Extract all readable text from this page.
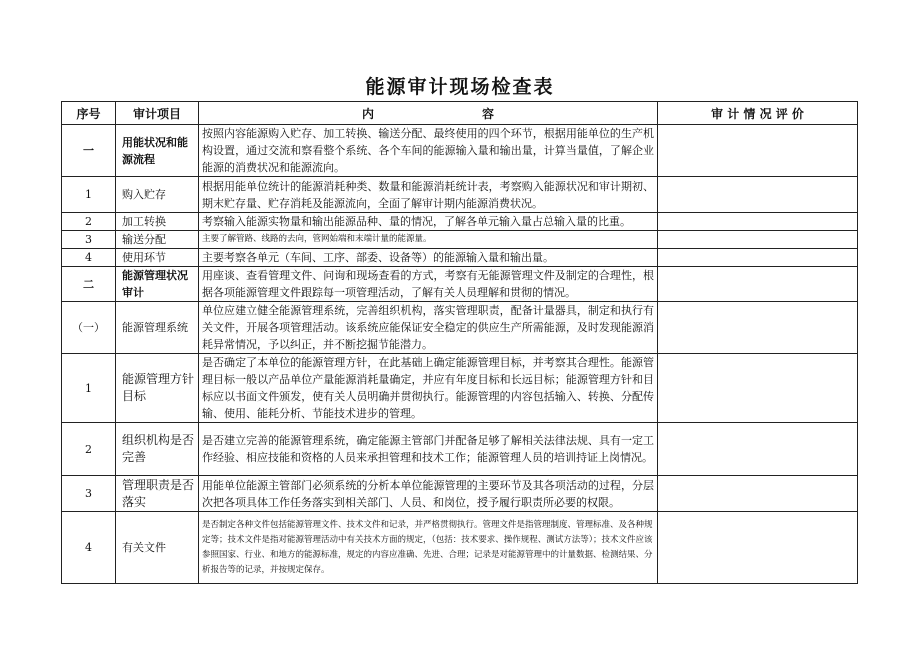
能源审计现场检查表
序号	审计项目	内　　　　　　　　　容	审 计 情 况 评 价
一	用能状况和能源流程	按照内容能源购入贮存、加工转换、输送分配、最终使用的四个环节，根据用能单位的生产机构设置，通过交流和察看整个系统、各个车间的能源输入量和输出量，计算当量值，了解企业能源的消费状况和能源流向。	
1	购入贮存	根据用能单位统计的能源消耗种类、数量和能源消耗统计表，考察购入能源状况和审计期初、期末贮存量、贮存消耗及能源流向，全面了解审计期内能源消费状况。	
2	加工转换	考察输入能源实物量和输出能源品种、量的情况，了解各单元输入量占总输入量的比重。	
3	输送分配	主要了解管路、线路的去向，管网始端和末端计量的能源量。	
4	使用环节	主要考察各单元（车间、工序、部委、设备等）的能源输入量和输出量。	
二	能源管理状况审计	用座谈、查看管理文件、问询和现场查看的方式，考察有无能源管理文件及制定的合理性，根据各项能源管理文件跟踪每一项管理活动，了解有关人员理解和贯彻的情况。	
（一）	能源管理系统	单位应建立健全能源管理系统，完善组织机构，落实管理职责，配备计量器具，制定和执行有关文件，开展各项管理活动。该系统应能保证安全稳定的供应生产所需能源，及时发现能源消耗异常情况，予以纠正，并不断挖掘节能潜力。	
1	能源管理方针目标	是否确定了本单位的能源管理方针，在此基础上确定能源管理目标，并考察其合理性。能源管理目标一般以产品单位产量能源消耗量确定，并应有年度目标和长远目标；能源管理方针和目标应以书面文件颁发，使有关人员明确并贯彻执行。能源管理的内容包括输入、转换、分配传输、使用、能耗分析、节能技术进步的管理。	
2	组织机构是否完善	是否建立完善的能源管理系统，确定能源主管部门并配备足够了解相关法律法规、具有一定工作经验、相应技能和资格的人员来承担管理和技术工作；能源管理人员的培训持证上岗情况。	
3	管理职责是否落实	用能单位能源主管部门必须系统的分析本单位能源管理的主要环节及其各项活动的过程，分层次把各项具体工作任务落实到相关部门、人员、和岗位，授予履行职责所必要的权限。	
4	有关文件	是否制定各种文件包括能源管理文件、技术文件和记录，并严格贯彻执行。管理文件是指管理制度、管理标准、及各种规定等；技术文件是指对能源管理活动中有关技术方面的规定，（包括：技术要求、操作规程、测试方法等）；技术文件应该参照国家、行业、和地方的能源标准，规定的内容应准确、先进、合理；记录是对能源管理中的计量数据、检测结果、分析报告等的记录，并按规定保存。	
